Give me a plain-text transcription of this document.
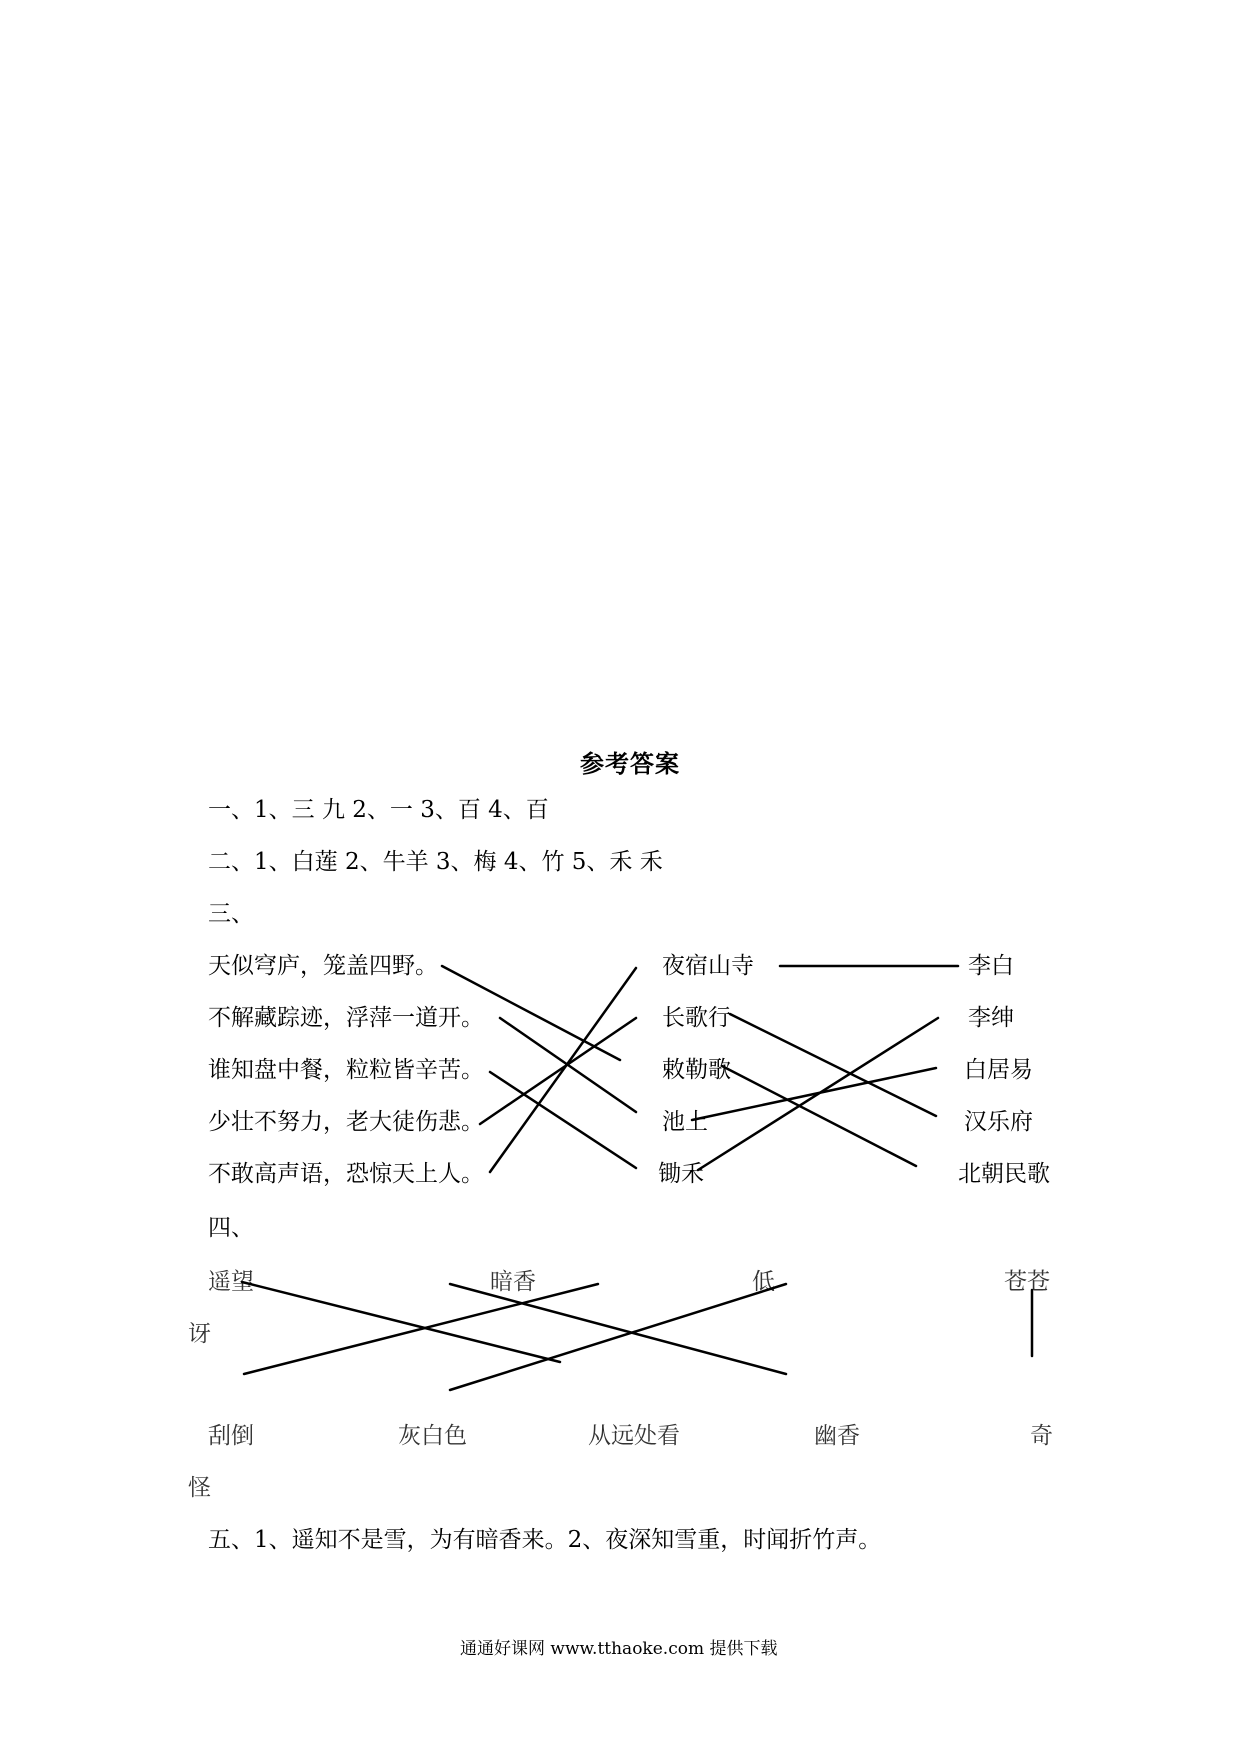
参考答案
一、1、三 九 2、一 3、百 4、百
二、1、白莲 2、牛羊 3、梅 4、竹 5、禾 禾
三、
天似穹庐，笼盖四野。
不解藏踪迹，浮萍一道开。
谁知盘中餐，粒粒皆辛苦。
少壮不努力，老大徒伤悲。
不敢高声语，恐惊天上人。
夜宿山寺
长歌行
敕勒歌
池上
锄禾
李白
李绅
白居易
汉乐府
北朝民歌
四、
遥望	暗香	低	苍苍
讶
刮倒	灰白色	从远处看	幽香	奇
怪
五、1、遥知不是雪，为有暗香来。2、夜深知雪重，时闻折竹声。
通通好课网 www.tthaoke.com 提供下载
